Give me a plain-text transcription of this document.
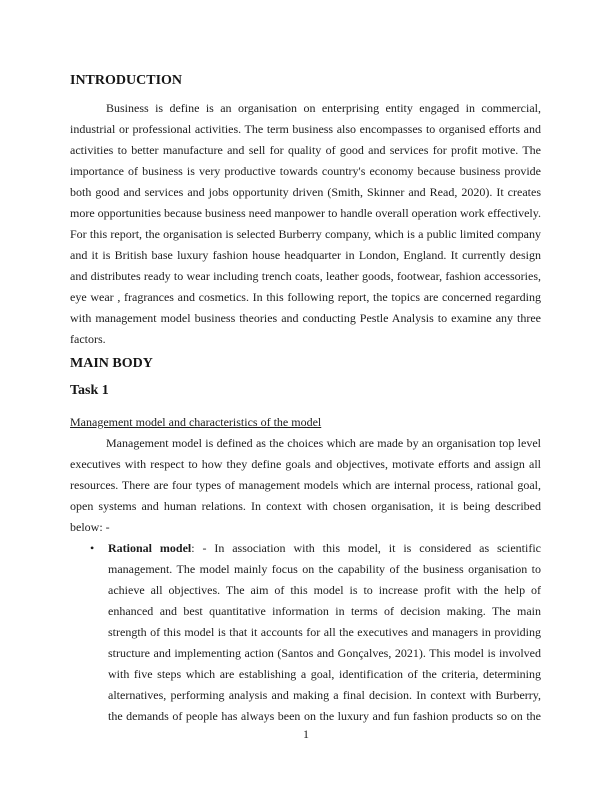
INTRODUCTION

Business is define is an organisation on enterprising entity engaged in commercial, industrial or professional activities. The term business also encompasses to organised efforts and activities to better manufacture and sell for quality of good and services for profit motive. The importance of business is very productive towards country's economy because business provide both good and services and jobs opportunity driven (Smith, Skinner and Read, 2020). It creates more opportunities because business need manpower to handle overall operation work effectively. For this report, the organisation is selected Burberry company, which is a public limited company and it is British base luxury fashion house headquarter in London, England. It currently design and distributes ready to wear including trench coats, leather goods, footwear, fashion accessories, eye wear , fragrances and cosmetics. In this following report, the topics are concerned regarding with management model business theories and conducting Pestle Analysis to examine any three factors.

MAIN BODY
Task 1
Management model and characteristics of the model

Management model is defined as the choices which are made by an organisation top level executives with respect to how they define goals and objectives, motivate efforts and assign all resources. There are four types of management models which are internal process, rational goal, open systems and human relations. In context with chosen organisation, it is being described below: -

•	Rational model: - In association with this model, it is considered as scientific management. The model mainly focus on the capability of the business organisation to achieve all objectives. The aim of this model is to increase profit with the help of enhanced and best quantitative information in terms of decision making. The main strength of this model is that it accounts for all the executives and managers in providing structure and implementing action (Santos and Gonçalves, 2021). This model is involved with five steps which are establishing a goal, identification of the criteria, determining alternatives, performing analysis and making a final decision. In context with Burberry, the demands of people has always been on the luxury and fun fashion products so on the

1
